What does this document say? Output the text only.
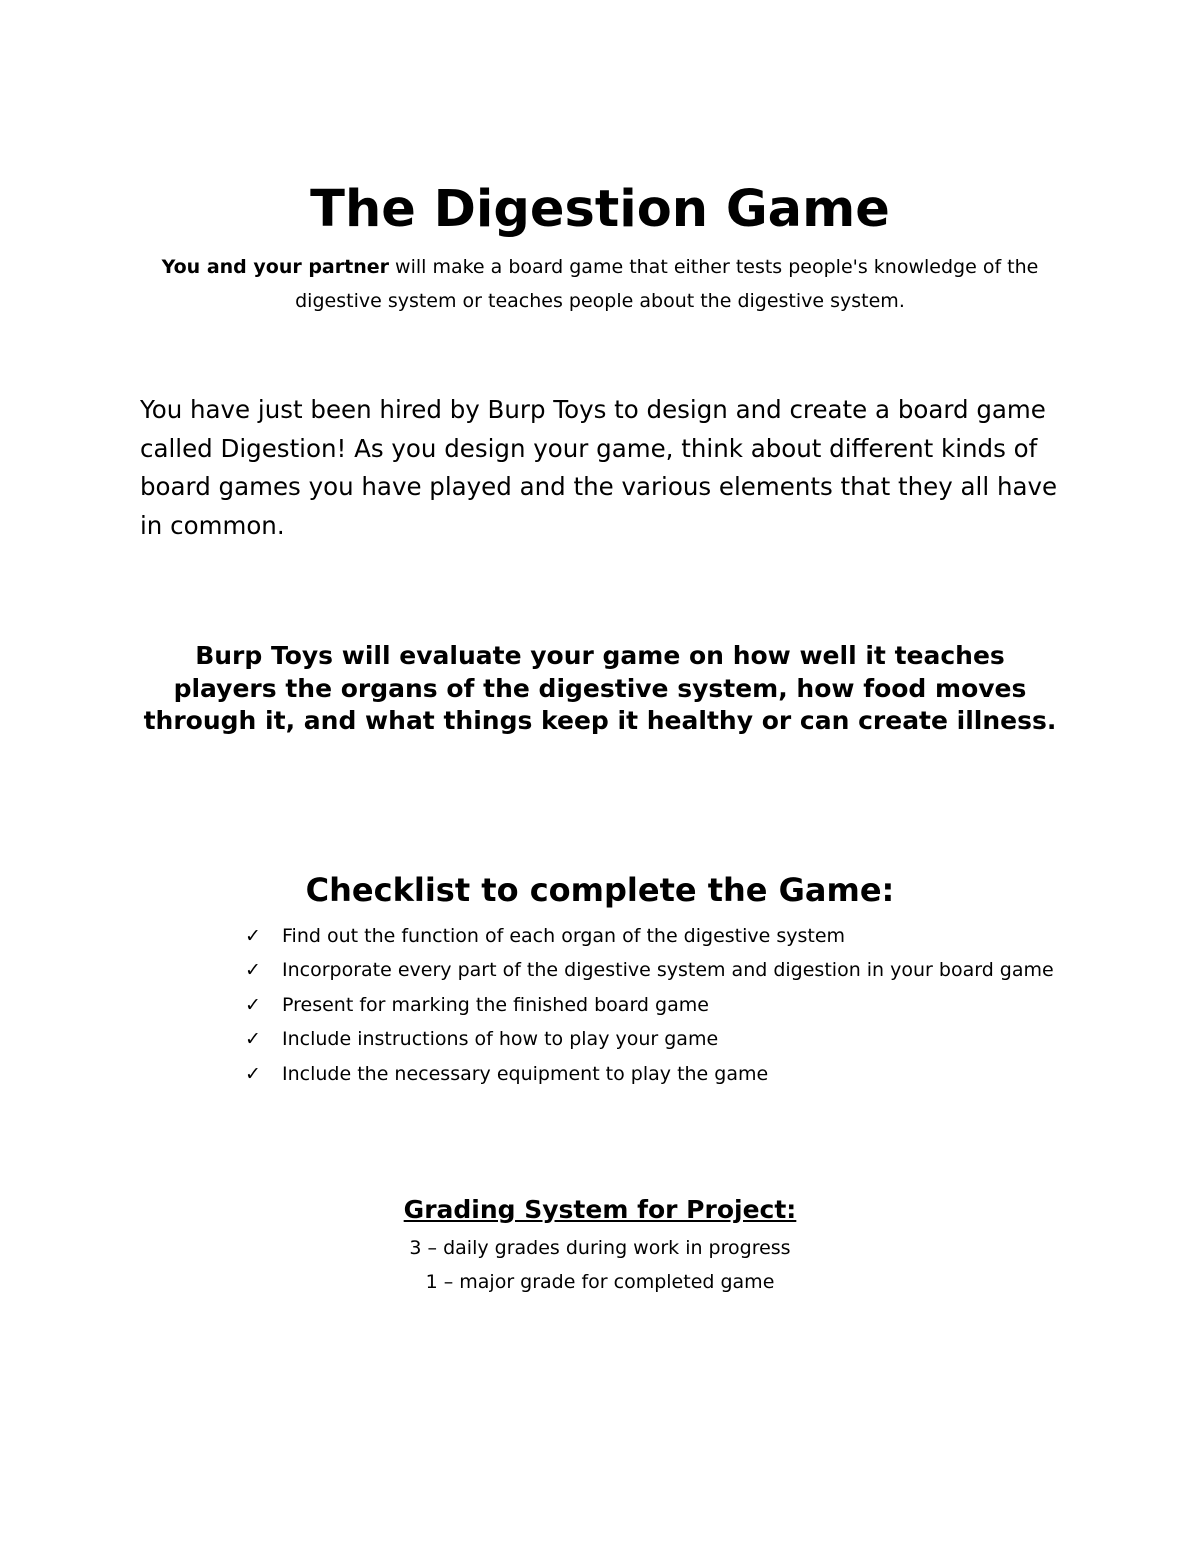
The Digestion Game

You and your partner will make a board game that either tests people's knowledge of the digestive system or teaches people about the digestive system.

You have just been hired by Burp Toys to design and create a board game called Digestion! As you design your game, think about different kinds of board games you have played and the various elements that they all have in common.

Burp Toys will evaluate your game on how well it teaches players the organs of the digestive system, how food moves through it, and what things keep it healthy or can create illness.

Checklist to complete the Game:
✓	Find out the function of each organ of the digestive system
✓	Incorporate every part of the digestive system and digestion in your board game
✓	Present for marking the finished board game
✓	Include instructions of how to play your game
✓	Include the necessary equipment to play the game
Grading System for Project:
3 – daily grades during work in progress
1 – major grade for completed game
